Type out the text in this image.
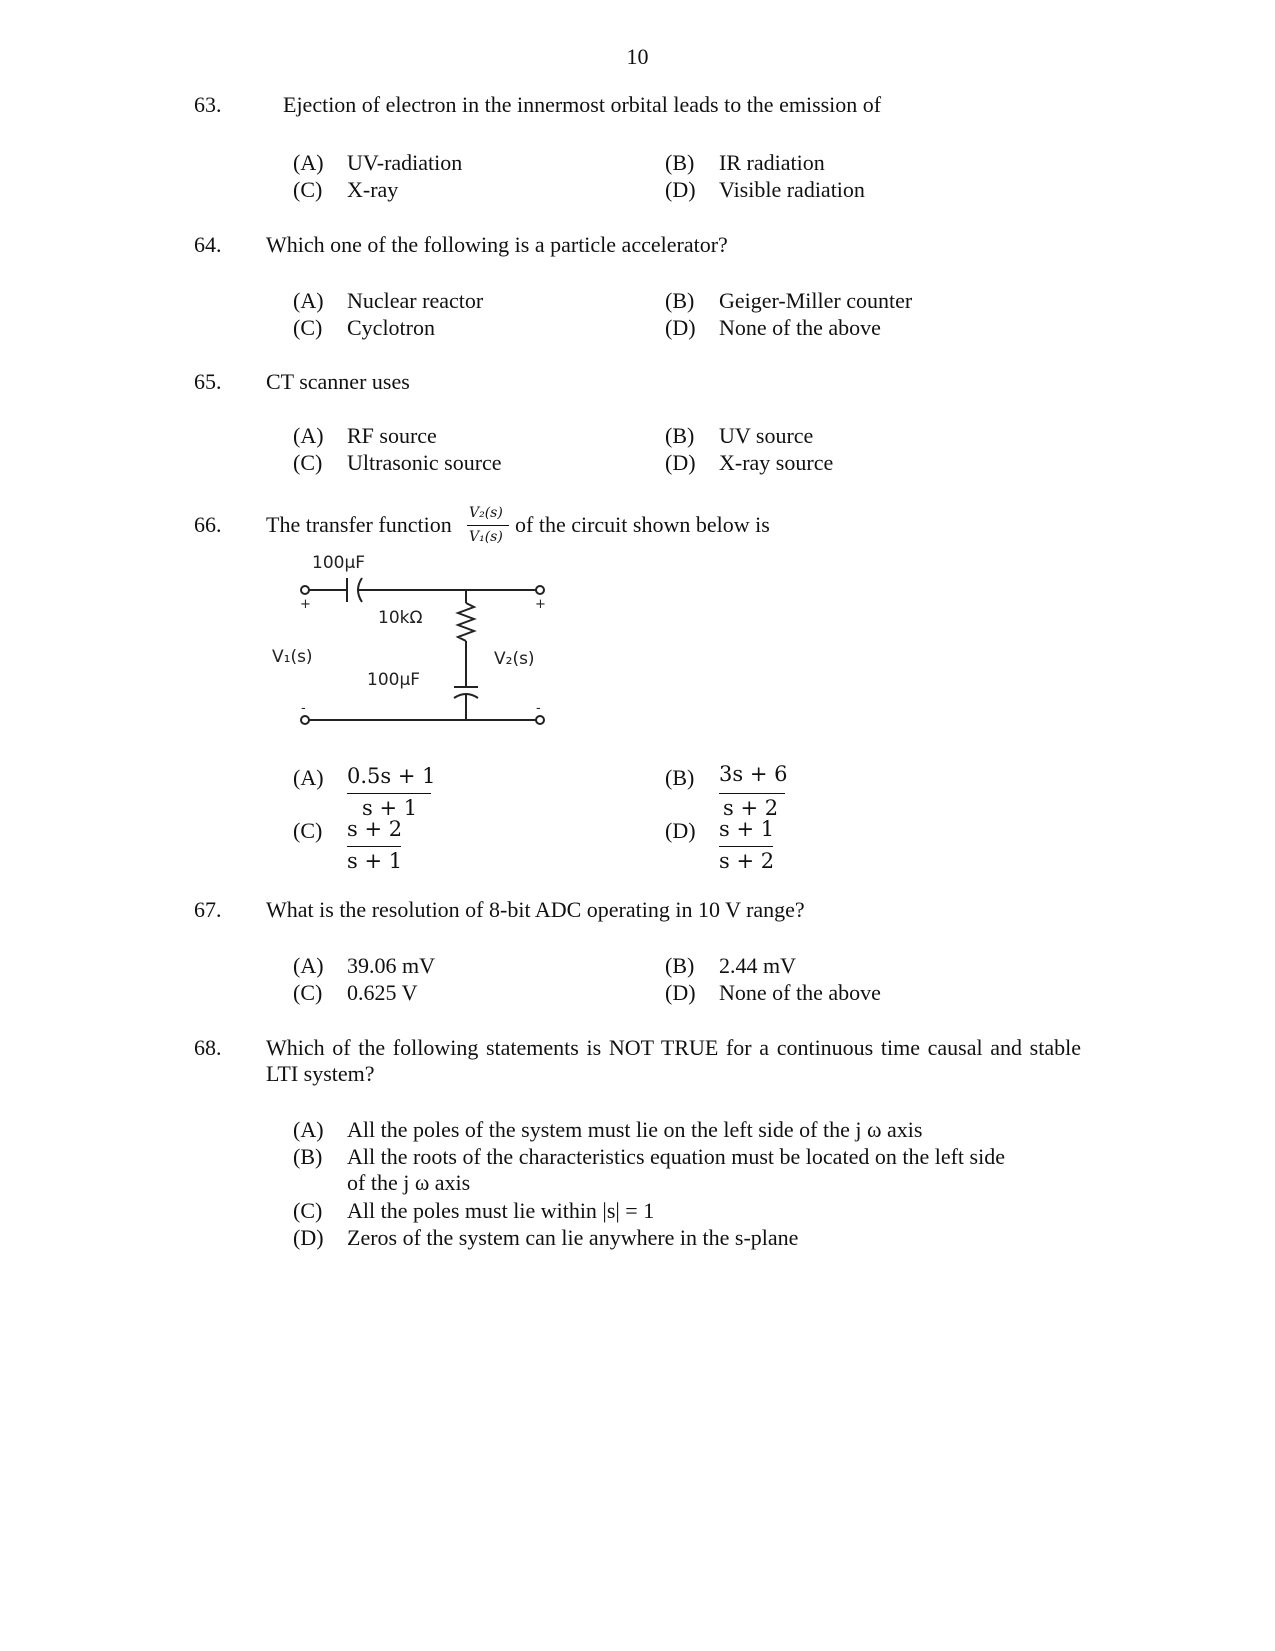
10
63.	Ejection of electron in the innermost orbital leads to the emission of
(A) UV-radiation	(B) IR radiation
(C) X-ray	(D) Visible radiation
64. Which one of the following is a particle accelerator?
(A) Nuclear reactor	(B) Geiger-Miller counter
(C) Cyclotron	(D) None of the above
65. CT scanner uses
(A) RF source	(B) UV source
(C) Ultrasonic source	(D) X-ray source
66. The transfer function V₂(s)
V₁(s) of the circuit shown below is
100µF
10kΩ
100µF
V₁(s)	V₂(s)
+	+
-	-
(A) 0.5s + 1
s + 1
(B) 3s + 6
s + 2
(C) s + 2
s + 1
(D) s + 1
s + 2
67. What is the resolution of 8-bit ADC operating in 10 V range?
(A) 39.06 mV	(B) 2.44 mV
(C) 0.625 V	(D) None of the above
68. Which of the following statements is NOT TRUE for a continuous time causal and stable LTI system?
(A) All the poles of the system must lie on the left side of the j ω axis
(B) All the roots of the characteristics equation must be located on the left side of the j ω axis
(C) All the poles must lie within |s| = 1
(D) Zeros of the system can lie anywhere in the s-plane
